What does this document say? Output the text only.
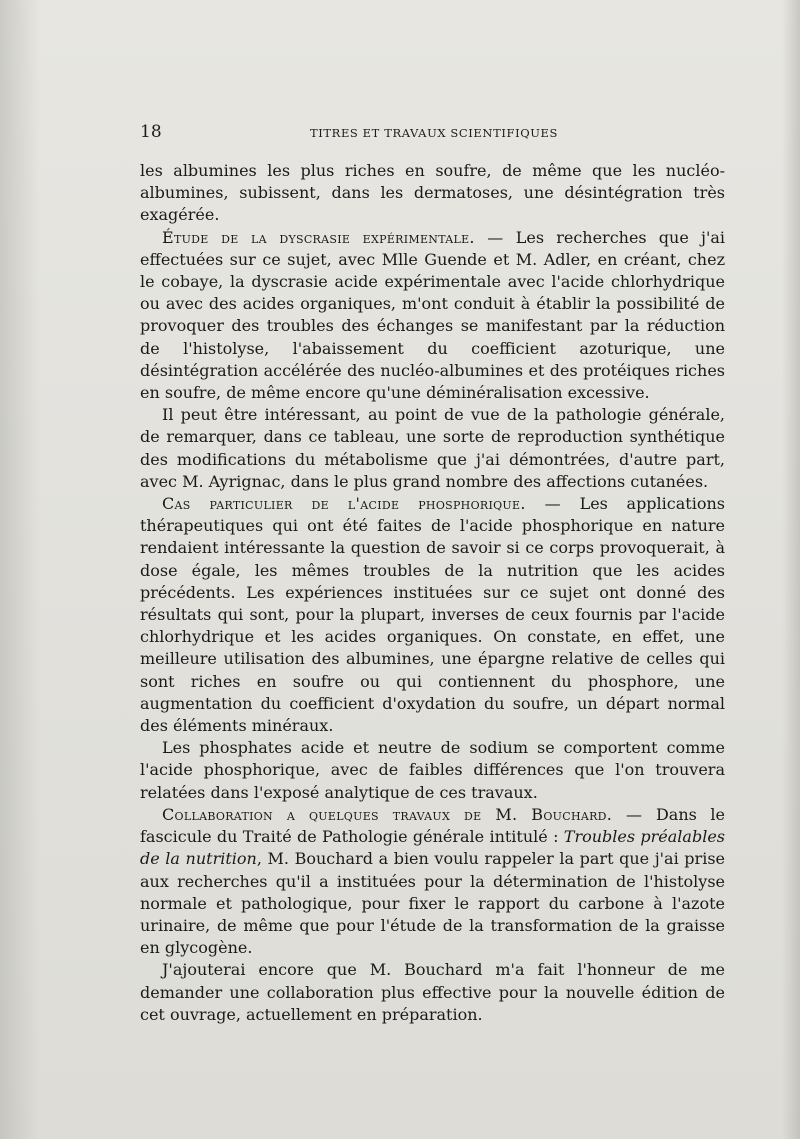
18	TITRES ET TRAVAUX SCIENTIFIQUES

les albumines les plus riches en soufre, de même que les nucléo-albumines, subissent, dans les dermatoses, une désintégration très exagérée.

Étude de la dyscrasie expérimentale. — Les recherches que j'ai effectuées sur ce sujet, avec Mlle Guende et M. Adler, en créant, chez le cobaye, la dyscrasie acide expérimentale avec l'acide chlorhydrique ou avec des acides organiques, m'ont conduit à établir la possibilité de provoquer des troubles des échanges se manifestant par la réduction de l'histolyse, l'abaissement du coefficient azoturique, une désintégration accélérée des nucléo-albumines et des protéiques riches en soufre, de même encore qu'une déminéralisation excessive.

Il peut être intéressant, au point de vue de la pathologie générale, de remarquer, dans ce tableau, une sorte de reproduction synthétique des modifications du métabolisme que j'ai démontrées, d'autre part, avec M. Ayrignac, dans le plus grand nombre des affections cutanées.

Cas particulier de l'acide phosphorique. — Les applications thérapeutiques qui ont été faites de l'acide phosphorique en nature rendaient intéressante la question de savoir si ce corps provoquerait, à dose égale, les mêmes troubles de la nutrition que les acides précédents. Les expériences instituées sur ce sujet ont donné des résultats qui sont, pour la plupart, inverses de ceux fournis par l'acide chlorhydrique et les acides organiques. On constate, en effet, une meilleure utilisation des albumines, une épargne relative de celles qui sont riches en soufre ou qui contiennent du phosphore, une augmentation du coefficient d'oxydation du soufre, un départ normal des éléments minéraux.

Les phosphates acide et neutre de sodium se comportent comme l'acide phosphorique, avec de faibles différences que l'on trouvera relatées dans l'exposé analytique de ces travaux.

Collaboration a quelques travaux de M. Bouchard. — Dans le fascicule du Traité de Pathologie générale intitulé : Troubles préalables de la nutrition, M. Bouchard a bien voulu rappeler la part que j'ai prise aux recherches qu'il a instituées pour la détermination de l'histolyse normale et pathologique, pour fixer le rapport du carbone à l'azote urinaire, de même que pour l'étude de la transformation de la graisse en glycogène.

J'ajouterai encore que M. Bouchard m'a fait l'honneur de me demander une collaboration plus effective pour la nouvelle édition de cet ouvrage, actuellement en préparation.
